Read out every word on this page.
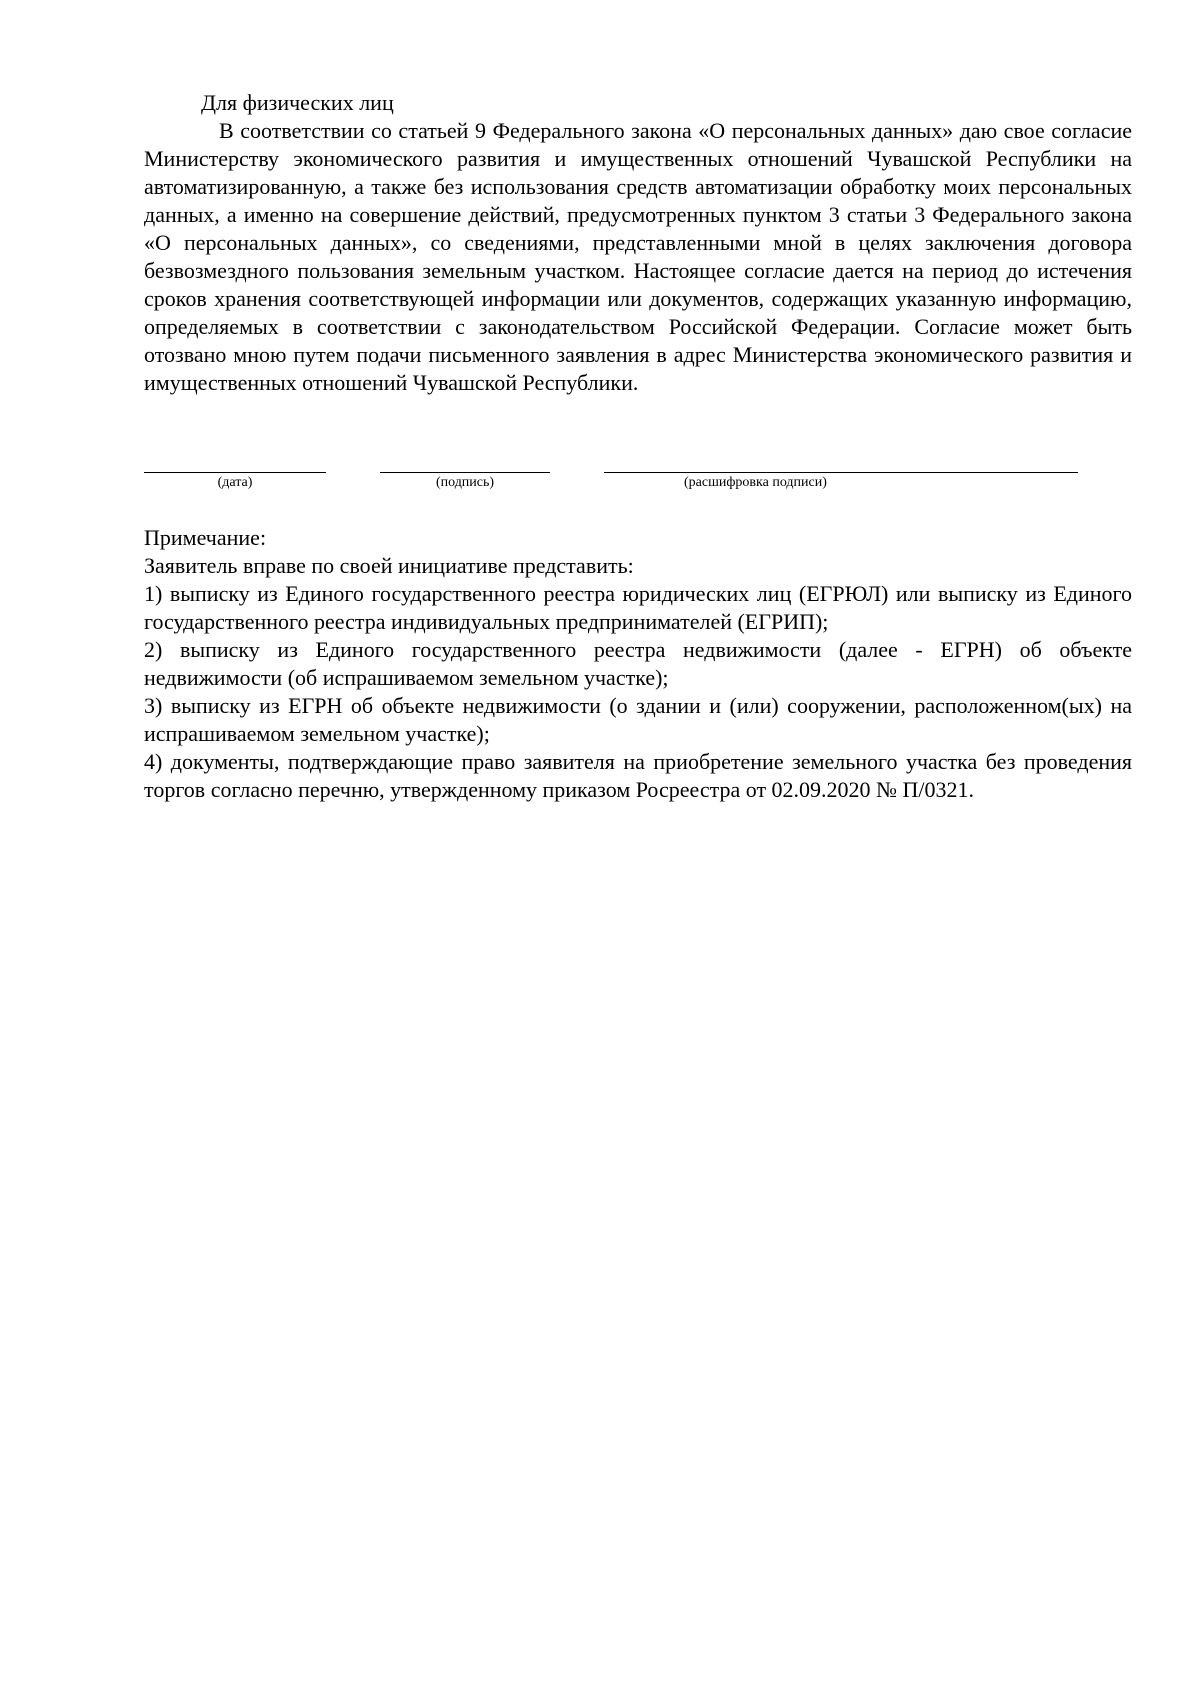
Для физических лиц
В соответствии со статьей 9 Федерального закона «О персональных данных» даю свое согласие Министерству экономического развития и имущественных отношений Чувашской Республики на автоматизированную, а также без использования средств автоматизации обработку моих персональных данных, а именно на совершение действий, предусмотренных пунктом 3 статьи 3 Федерального закона «О персональных данных», со сведениями, представленными мной в целях заключения договора безвозмездного пользования земельным участком. Настоящее согласие дается на период до истечения сроков хранения соответствующей информации или документов, содержащих указанную информацию, определяемых в соответствии с законодательством Российской Федерации. Согласие может быть отозвано мною путем подачи письменного заявления в адрес Министерства экономического развития и имущественных отношений Чувашской Республики.
(дата)	(подпись)	(расшифровка подписи)

Примечание:

Заявитель вправе по своей инициативе представить:

1) выписку из Единого государственного реестра юридических лиц (ЕГРЮЛ) или выписку из Единого государственного реестра индивидуальных предпринимателей (ЕГРИП);

2) выписку из Единого государственного реестра недвижимости (далее - ЕГРН) об объекте недвижимости (об испрашиваемом земельном участке);

3) выписку из ЕГРН об объекте недвижимости (о здании и (или) сооружении, расположенном(ых) на испрашиваемом земельном участке);

4) документы, подтверждающие право заявителя на приобретение земельного участка без проведения торгов согласно перечню, утвержденному приказом Росреестра от 02.09.2020 № П/0321.
